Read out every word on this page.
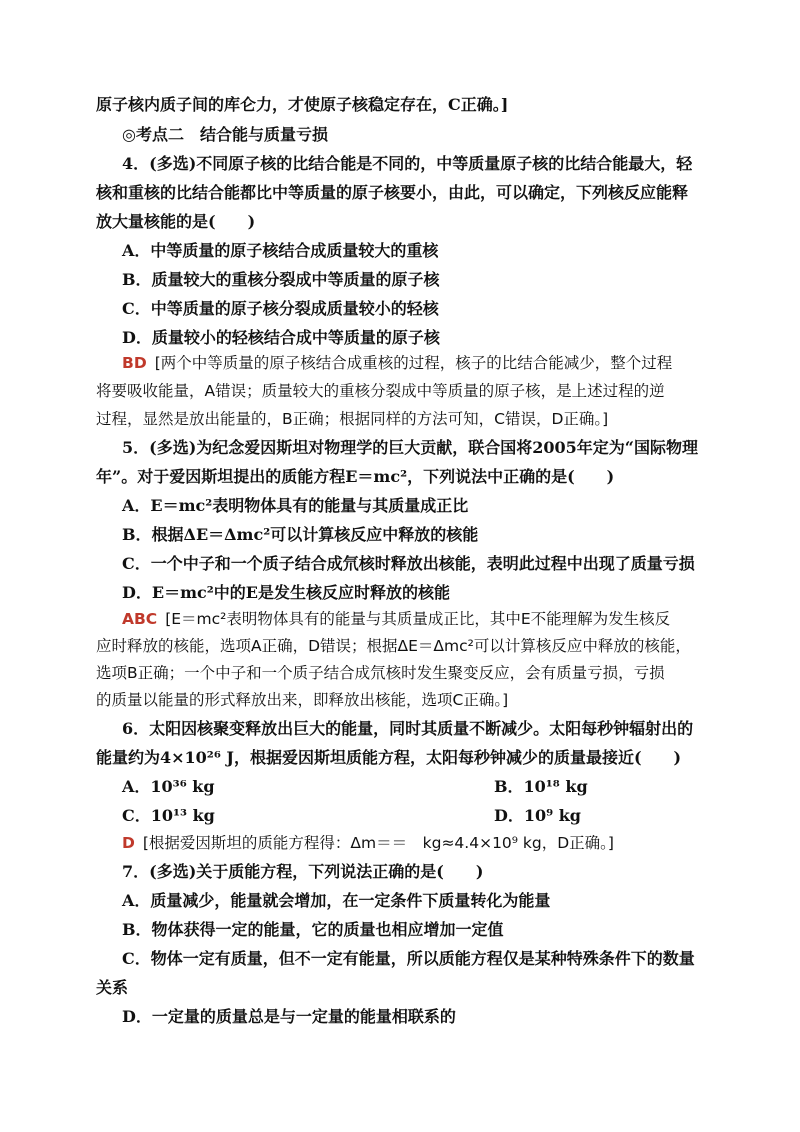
原子核内质子间的库仑力，才使原子核稳定存在，C正确。]
◎考点二　结合能与质量亏损
4．(多选)不同原子核的比结合能是不同的，中等质量原子核的比结合能最大，轻
核和重核的比结合能都比中等质量的原子核要小，由此，可以确定，下列核反应能释
放大量核能的是(　　)
A．中等质量的原子核结合成质量较大的重核
B．质量较大的重核分裂成中等质量的原子核
C．中等质量的原子核分裂成质量较小的轻核
D．质量较小的轻核结合成中等质量的原子核
BD [两个中等质量的原子核结合成重核的过程，核子的比结合能减少，整个过程
将要吸收能量，A错误；质量较大的重核分裂成中等质量的原子核，是上述过程的逆
过程，显然是放出能量的，B正确；根据同样的方法可知，C错误，D正确。]
5．(多选)为纪念爱因斯坦对物理学的巨大贡献，联合国将2005年定为“国际物理
年”。对于爱因斯坦提出的质能方程E＝mc²，下列说法中正确的是(　　)
A．E＝mc²表明物体具有的能量与其质量成正比
B．根据ΔE＝Δmc²可以计算核反应中释放的核能
C．一个中子和一个质子结合成氘核时释放出核能，表明此过程中出现了质量亏损
D．E＝mc²中的E是发生核反应时释放的核能
ABC [E＝mc²表明物体具有的能量与其质量成正比，其中E不能理解为发生核反
应时释放的核能，选项A正确，D错误；根据ΔE＝Δmc²可以计算核反应中释放的核能，
选项B正确；一个中子和一个质子结合成氘核时发生聚变反应，会有质量亏损，亏损
的质量以能量的形式释放出来，即释放出核能，选项C正确。]
6．太阳因核聚变释放出巨大的能量，同时其质量不断减少。太阳每秒钟辐射出的
能量约为4×10²⁶ J，根据爱因斯坦质能方程，太阳每秒钟减少的质量最接近(　　)
A．10³⁶ kg	B．10¹⁸ kg
C．10¹³ kg	D．10⁹ kg
D [根据爱因斯坦的质能方程得：Δm＝＝　kg≈4.4×10⁹ kg，D正确。]
7．(多选)关于质能方程，下列说法正确的是(　　)
A．质量减少，能量就会增加，在一定条件下质量转化为能量
B．物体获得一定的能量，它的质量也相应增加一定值
C．物体一定有质量，但不一定有能量，所以质能方程仅是某种特殊条件下的数量
关系
D．一定量的质量总是与一定量的能量相联系的
